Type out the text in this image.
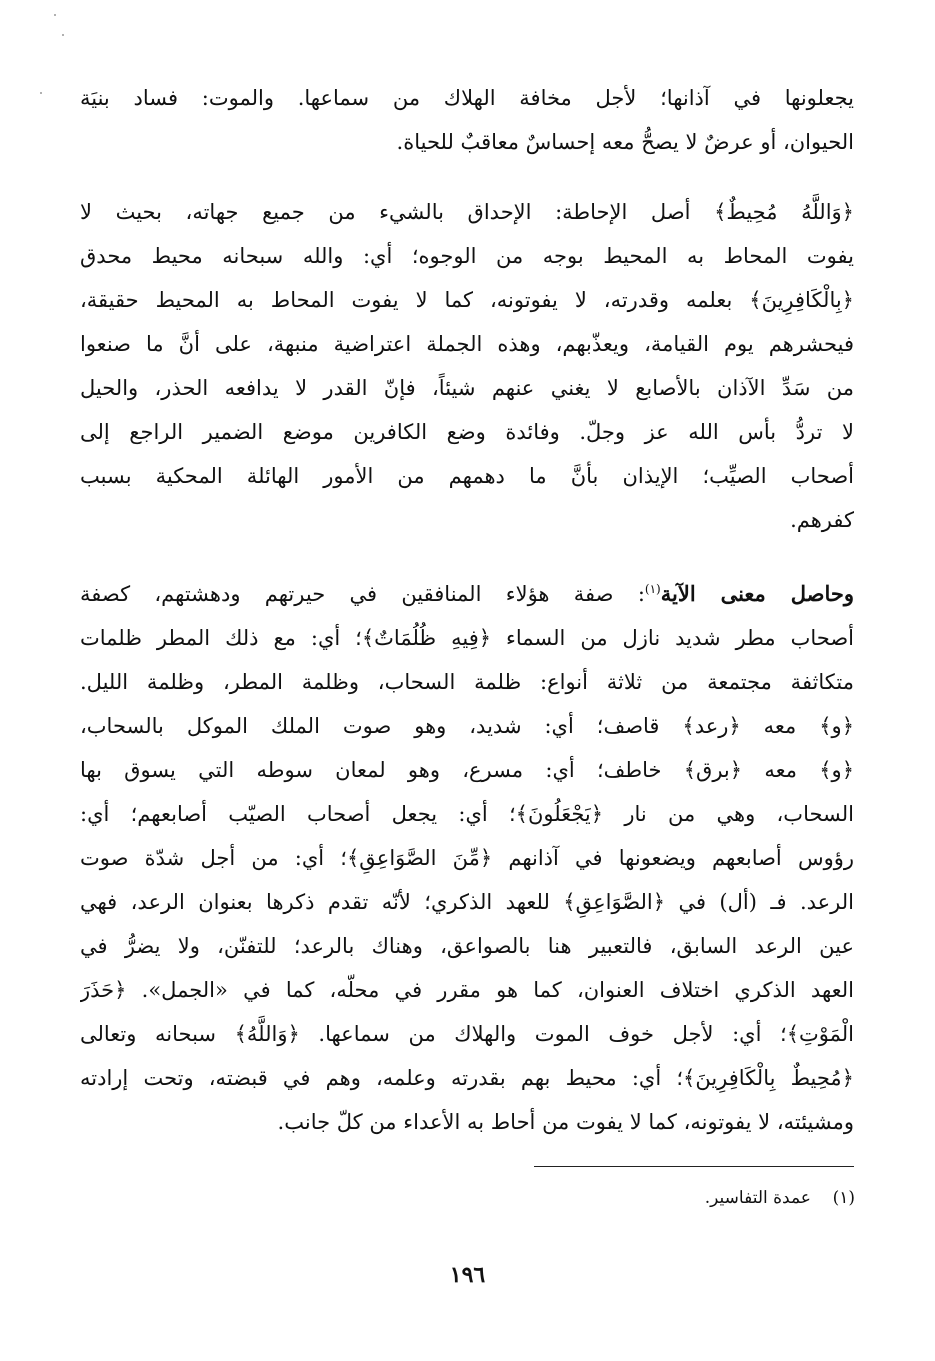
يجعلونها في آذانها؛ لأجل مخافة الهلاك من سماعها. والموت: فساد بنيَة
الحيوان، أو عرضٌ لا يصحُّ معه إحساسٌ معاقبٌ للحياة.
﴿وَاللَّهُ مُحِيطٌ﴾ أصل الإحاطة: الإحداق بالشيء من جميع جهاته، بحيث لا
يفوت المحاط به المحيط بوجه من الوجوه؛ أي: والله سبحانه محيط محدق
﴿بِالْكَافِرِينَ﴾ بعلمه وقدرته، لا يفوتونه، كما لا يفوت المحاط به المحيط حقيقة،
فيحشرهم يوم القيامة، ويعذّبهم، وهذه الجملة اعتراضية منبهة، على أنَّ ما صنعوا
من سَدِّ الآذان بالأصابع لا يغني عنهم شيئاً، فإنّ القدر لا يدافعه الحذر، والحيل
لا تردُّ بأس الله عز وجلّ. وفائدة وضع الكافرين موضع الضمير الراجع إلى
أصحاب الصيِّب؛ الإيذان بأنَّ ما دهمهم من الأمور الهائلة المحكية بسبب
كفرهم.
وحاصل معنى الآية$^{(١)}$: صفة هؤلاء المنافقين في حيرتهم ودهشتهم، كصفة
أصحاب مطر شديد نازل من السماء ﴿فِيهِ ظُلُمَاتٌ﴾؛ أي: مع ذلك المطر ظلمات
متكاثفة مجتمعة من ثلاثة أنواع: ظلمة السحاب، وظلمة المطر، وظلمة الليل.
﴿و﴾ معه ﴿رعد﴾ قاصف؛ أي: شديد، وهو صوت الملك الموكل بالسحاب،
﴿و﴾ معه ﴿برق﴾ خاطف؛ أي: مسرع، وهو لمعان سوطه التي يسوق بها
السحاب، وهي من نار ﴿يَجْعَلُونَ﴾؛ أي: يجعل أصحاب الصيّب أصابعهم؛ أي:
رؤوس أصابعهم ويضعونها في آذانهم ﴿مِّنَ الصَّوَاعِقِ﴾؛ أي: من أجل شدّة صوت
الرعد. فـ (أل) في ﴿الصَّوَاعِقِ﴾ للعهد الذكري؛ لأنّه تقدم ذكرها بعنوان الرعد، فهي
عين الرعد السابق، فالتعبير هنا بالصواعق، وهناك بالرعد؛ للتفنّن، ولا يضرُّ في
العهد الذكري اختلاف العنوان، كما هو مقرر في محلّه، كما في «الجمل». ﴿حَذَرَ
الْمَوْتِ﴾؛ أي: لأجل خوف الموت والهلاك من سماعها. ﴿وَاللَّهُ﴾ سبحانه وتعالى
﴿مُحِيطٌ بِالْكَافِرِينَ﴾؛ أي: محيط بهم بقدرته وعلمه، وهم في قبضته، وتحت إرادته
ومشيئته، لا يفوتونه، كما لا يفوت من أحاط به الأعداء من كلّ جانب.
(١)    عمدة التفاسير.
١٩٦
